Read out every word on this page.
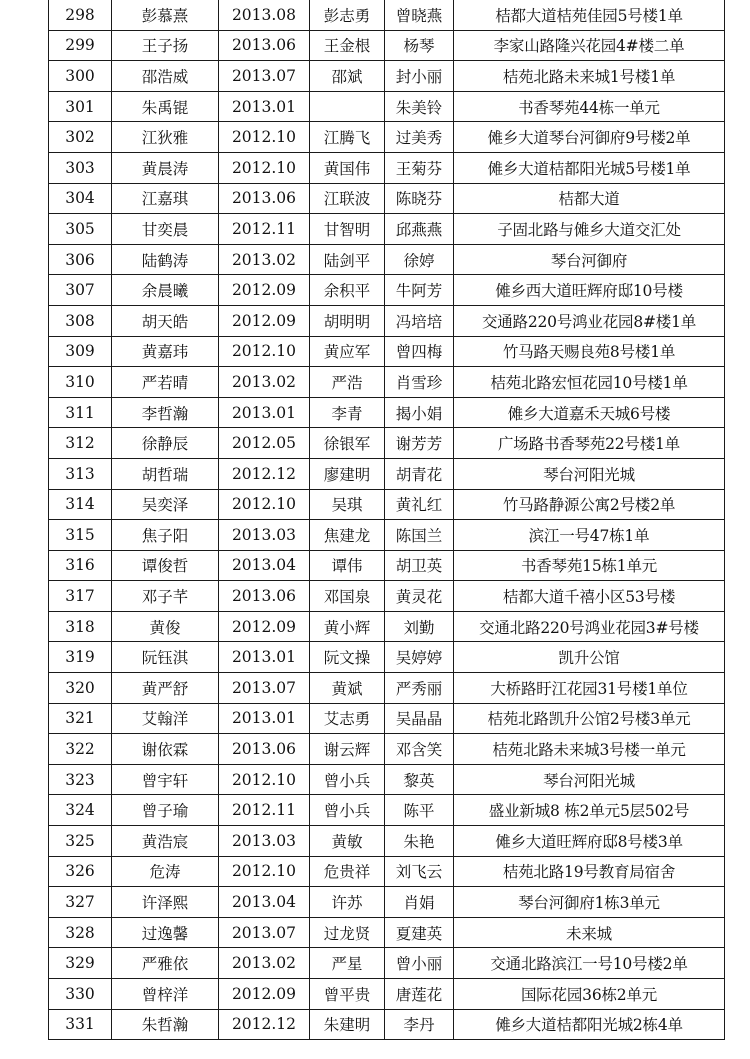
298	彭慕熹	2013.08	彭志勇	曾晓燕	桔都大道桔苑佳园5号楼1单
299	王子扬	2013.06	王金根	杨琴	李家山路隆兴花园4#楼二单
300	邵浩威	2013.07	邵斌	封小丽	桔苑北路未来城1号楼1单
301	朱禹锟	2013.01		朱美铃	书香琴苑44栋一单元
302	江狄雅	2012.10	江腾飞	过美秀	傩乡大道琴台河御府9号楼2单
303	黄晨涛	2012.10	黄国伟	王菊芬	傩乡大道桔都阳光城5号楼1单
304	江嘉琪	2013.06	江联波	陈晓芬	桔都大道
305	甘奕晨	2012.11	甘智明	邱燕燕	子固北路与傩乡大道交汇处
306	陆鹤涛	2013.02	陆剑平	徐婷	琴台河御府
307	余晨曦	2012.09	余积平	牛阿芳	傩乡西大道旺辉府邸10号楼
308	胡天皓	2012.09	胡明明	冯培培	交通路220号鸿业花园8#楼1单
309	黄嘉玮	2012.10	黄应军	曾四梅	竹马路天赐良苑8号楼1单
310	严若晴	2013.02	严浩	肖雪珍	桔苑北路宏恒花园10号楼1单
311	李哲瀚	2013.01	李青	揭小娟	傩乡大道嘉禾天城6号楼
312	徐静辰	2012.05	徐银军	谢芳芳	广场路书香琴苑22号楼1单
313	胡哲瑞	2012.12	廖建明	胡青花	琴台河阳光城
314	吴奕泽	2012.10	吴琪	黄礼红	竹马路静源公寓2号楼2单
315	焦子阳	2013.03	焦建龙	陈国兰	滨江一号47栋1单
316	谭俊哲	2013.04	谭伟	胡卫英	书香琴苑15栋1单元
317	邓子芊	2013.06	邓国泉	黄灵花	桔都大道千禧小区53号楼
318	黄俊	2012.09	黄小辉	刘勤	交通北路220号鸿业花园3#号楼
319	阮钰淇	2013.01	阮文操	吴婷婷	凯升公馆
320	黄严舒	2013.07	黄斌	严秀丽	大桥路盱江花园31号楼1单位
321	艾翰洋	2013.01	艾志勇	吴晶晶	桔苑北路凯升公馆2号楼3单元
322	谢依霖	2013.06	谢云辉	邓含笑	桔苑北路未来城3号楼一单元
323	曾宇轩	2012.10	曾小兵	黎英	琴台河阳光城
324	曾子瑜	2012.11	曾小兵	陈平	盛业新城8 栋2单元5层502号
325	黄浩宸	2013.03	黄敏	朱艳	傩乡大道旺辉府邸8号楼3单
326	危涛	2012.10	危贵祥	刘飞云	桔苑北路19号教育局宿舍
327	许泽熙	2013.04	许苏	肖娟	琴台河御府1栋3单元
328	过逸馨	2013.07	过龙贤	夏建英	未来城
329	严雅依	2013.02	严星	曾小丽	交通北路滨江一号10号楼2单
330	曾梓洋	2012.09	曾平贵	唐莲花	国际花园36栋2单元
331	朱哲瀚	2012.12	朱建明	李丹	傩乡大道桔都阳光城2栋4单
